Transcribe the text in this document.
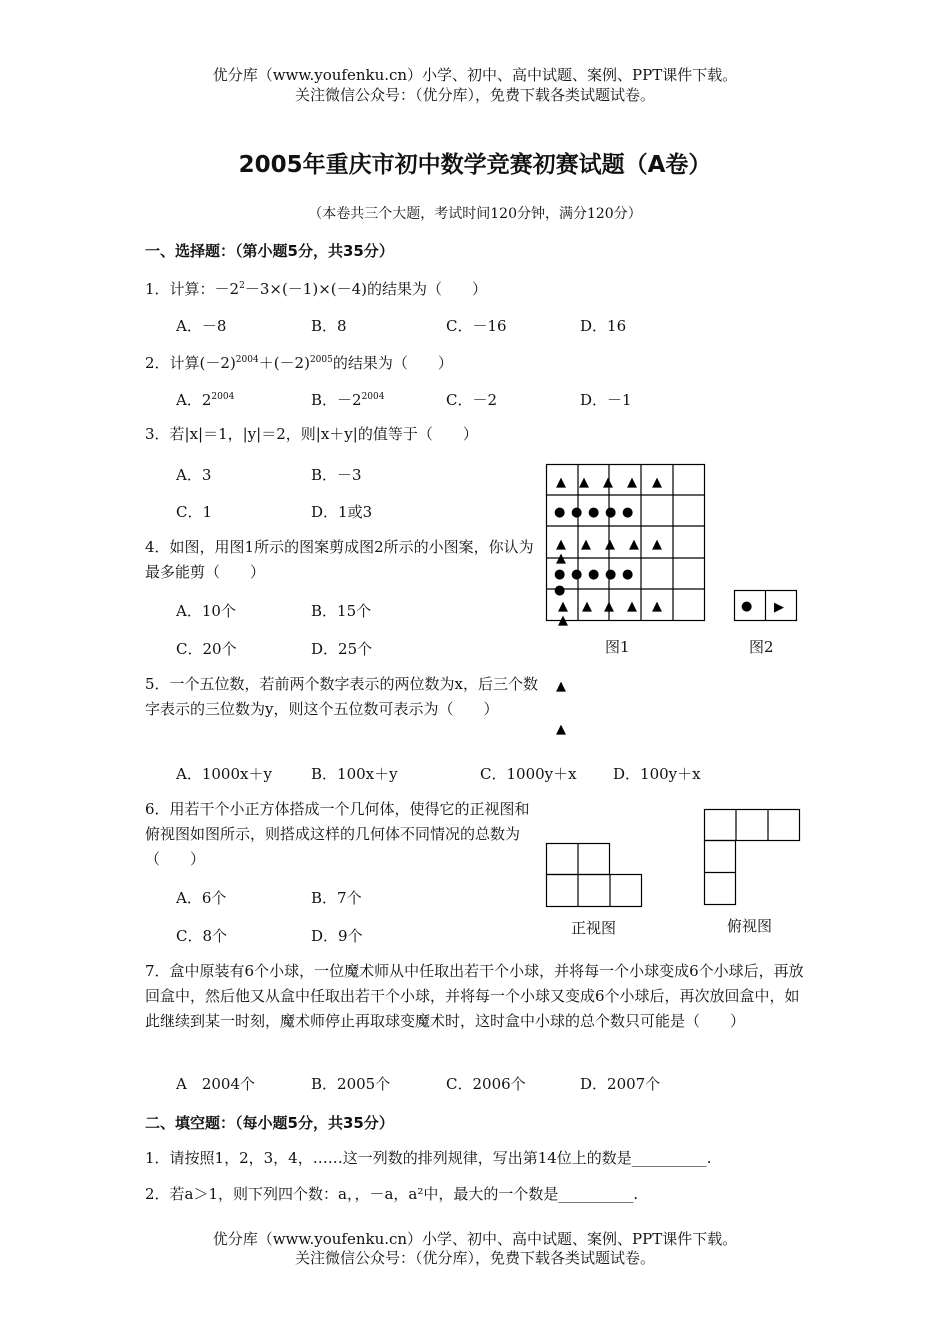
优分库（www.youfenku.cn）小学、初中、高中试题、案例、PPT课件下载。
关注微信公众号：（优分库），免费下载各类试题试卷。
2005年重庆市初中数学竞赛初赛试题（A卷）
（本卷共三个大题，考试时间120分钟，满分120分）
一、选择题：（第小题5分，共35分）
1．计算：$-2^2-3\times(-1)\times(-4)$的结果为（　　）
A．－8	B．8	C．－16	D．16
2．计算$(-2)^{2004}+(-2)^{2005}$的结果为（　　）
A．$2^{2004}$	B．$-2^{2004}$	C．－2	D．－1
3．若|x|＝1，|y|＝2，则|x＋y|的值等于（　　）
A．3	B．－3
C．1	D．1或3
4．如图，用图1所示的图案剪成图2所示的小图案，你认为最多能剪（　　）
A．10个	B．15个
C．20个	D．25个
▲ ▲ ▲ ▲ ▲
● ● ● ● ●
▲ ▲ ▲ ▲ ▲
▲
● ● ● ● ●
●
▲ ▲ ▲ ▲ ▲
▲
图1
● ▶
图2
▲
▲
5．一个五位数，若前两个数字表示的两位数为x，后三个数字表示的三位数为y，则这个五位数可表示为（　　）
A．1000x＋y	B．100x＋y	C．1000y＋x D．100y＋x
6．用若干个小正方体搭成一个几何体，使得它的正视图和俯视图如图所示，则搭成这样的几何体不同情况的总数为（　　）
A．6个	B．7个
C．8个	D．9个	正视图	俯视图
7．盒中原装有6个小球，一位魔术师从中任取出若干个小球，并将每一个小球变成6个小球后，再放回盒中，然后他又从盒中任取出若干个小球，并将每一个小球又变成6个小球后，再次放回盒中，如此继续到某一时刻，魔术师停止再取球变魔术时，这时盒中小球的总个数只可能是（　　）
A　2004个	B．2005个	C．2006个	D．2007个
二、填空题：（每小题5分，共35分）
1．请按照1，2，3，4，……这一列数的排列规律，写出第14位上的数是__________.
2．若a＞1，则下列四个数：a，，－a，a²中，最大的一个数是__________.
优分库（www.youfenku.cn）小学、初中、高中试题、案例、PPT课件下载。
关注微信公众号：（优分库），免费下载各类试题试卷。
